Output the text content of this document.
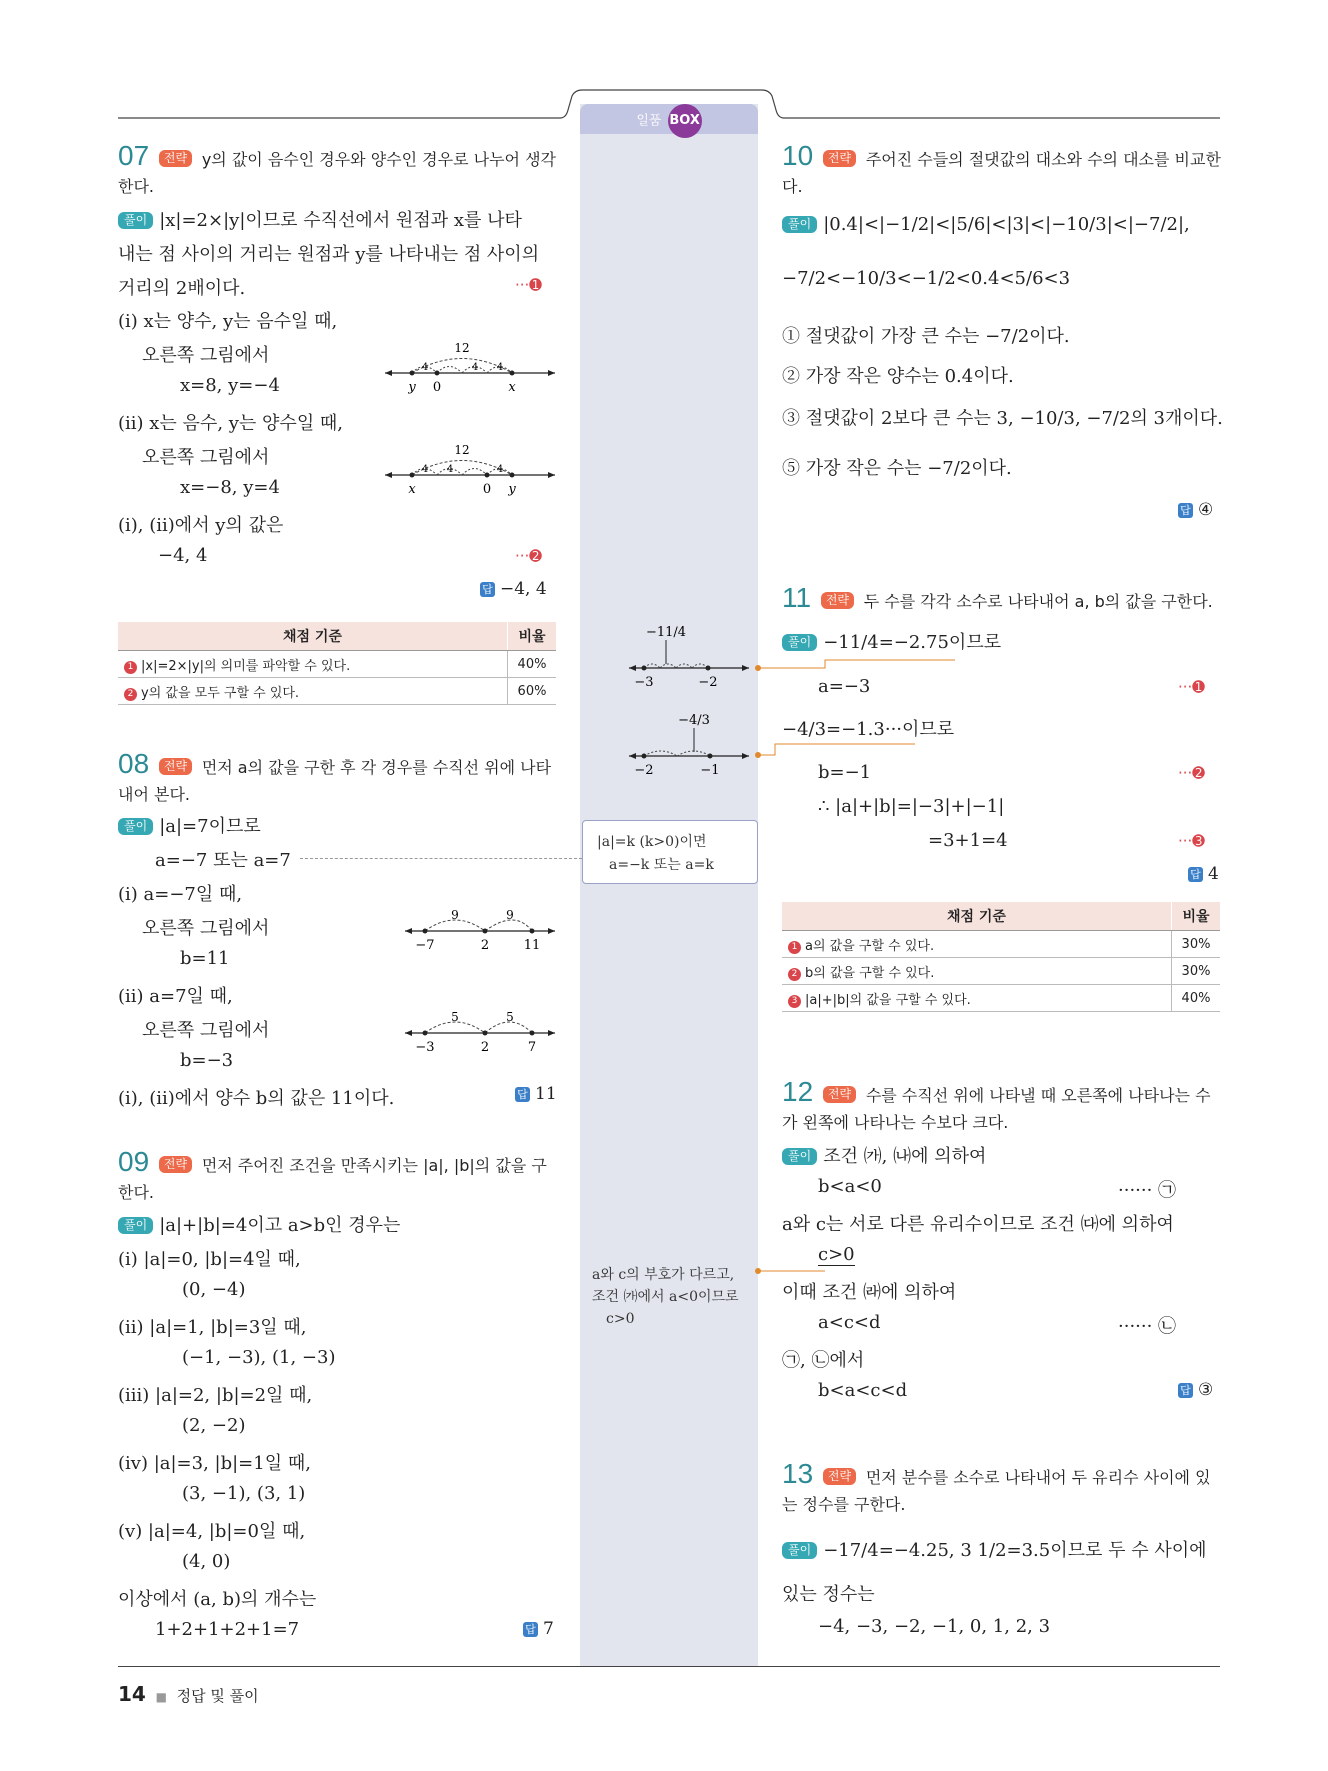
일품 BOX
07 전략 y의 값이 음수인 경우와 양수인 경우로 나누어 생각
한다.
풀이 |x|=2×|y|이므로 수직선에서 원점과 x를 나타
내는 점 사이의 거리는 원점과 y를 나타내는 점 사이의
거리의 2배이다.	···➊
(i) x는 양수, y는 음수일 때,
오른쪽 그림에서
x=8, y=−4
(ii) x는 음수, y는 양수일 때,
오른쪽 그림에서
x=−8, y=4
(i), (ii)에서 y의 값은
−4, 4	···➋
답 −4, 4
12
4	4 4
y 0	x
12
4 4	4
x	0 y
채점 기준	비율
1 |x|=2×|y|의 의미를 파악할 수 있다.	40%
2 y의 값을 모두 구할 수 있다.	60%
08 전략 먼저 a의 값을 구한 후 각 경우를 수직선 위에 나타
내어 본다.
풀이 |a|=7이므로
a=−7 또는 a=7
(i) a=−7일 때,
오른쪽 그림에서
b=11
(ii) a=7일 때,
오른쪽 그림에서
b=−3
(i), (ii)에서 양수 b의 값은 11이다.	답 11
9	9
−7	2	11
5	5
−3	2	7
09 전략 먼저 주어진 조건을 만족시키는 |a|, |b|의 값을 구
한다.
풀이 |a|+|b|=4이고 a>b인 경우는
(i) |a|=0, |b|=4일 때,
(0, −4)
(ii) |a|=1, |b|=3일 때,
(−1, −3), (1, −3)
(iii) |a|=2, |b|=2일 때,
(2, −2)
(iv) |a|=3, |b|=1일 때,
(3, −1), (3, 1)
(v) |a|=4, |b|=0일 때,
(4, 0)
이상에서 (a, b)의 개수는
1+2+1+2+1=7	답 7
|a|=k (k>0)이면
a=−k 또는 a=k
a와 c의 부호가 다르고,
조건 ㈎에서 a<0이므로
c>0
−11/4
−3	−2
−4/3
−2	−1
10 전략 주어진 수들의 절댓값의 대소와 수의 대소를 비교한
다.
풀이 |0.4|<|−1/2|<|5/6|<|3|<|−10/3|<|−7/2|,
−7/2<−10/3<−1/2<0.4<5/6<3
① 절댓값이 가장 큰 수는 −7/2이다.
② 가장 작은 양수는 0.4이다.
③ 절댓값이 2보다 큰 수는 3, −10/3, −7/2의 3개이다.
⑤ 가장 작은 수는 −7/2이다.
답 ④
11 전략 두 수를 각각 소수로 나타내어 a, b의 값을 구한다.
풀이 −11/4=−2.75이므로
a=−3	···➊
−4/3=−1.3···이므로
b=−1	···➋
∴ |a|+|b|=|−3|+|−1|
=3+1=4	···➌
답 4
채점 기준	비율
1 a의 값을 구할 수 있다.	30%
2 b의 값을 구할 수 있다.	30%
3 |a|+|b|의 값을 구할 수 있다.	40%
12 전략 수를 수직선 위에 나타낼 때 오른쪽에 나타나는 수
가 왼쪽에 나타나는 수보다 크다.
풀이 조건 ㈎, ㈏에 의하여
b<a<0	······ ㉠
a와 c는 서로 다른 유리수이므로 조건 ㈐에 의하여
c>0
이때 조건 ㈑에 의하여
a<c<d	······ ㉡
㉠, ㉡에서
b<a<c<d	답 ③
13 전략 먼저 분수를 소수로 나타내어 두 유리수 사이에 있
는 정수를 구한다.
풀이 −17/4=−4.25, 3 1/2=3.5이므로 두 수 사이에
있는 정수는
−4, −3, −2, −1, 0, 1, 2, 3
14 ■ 정답 및 풀이
